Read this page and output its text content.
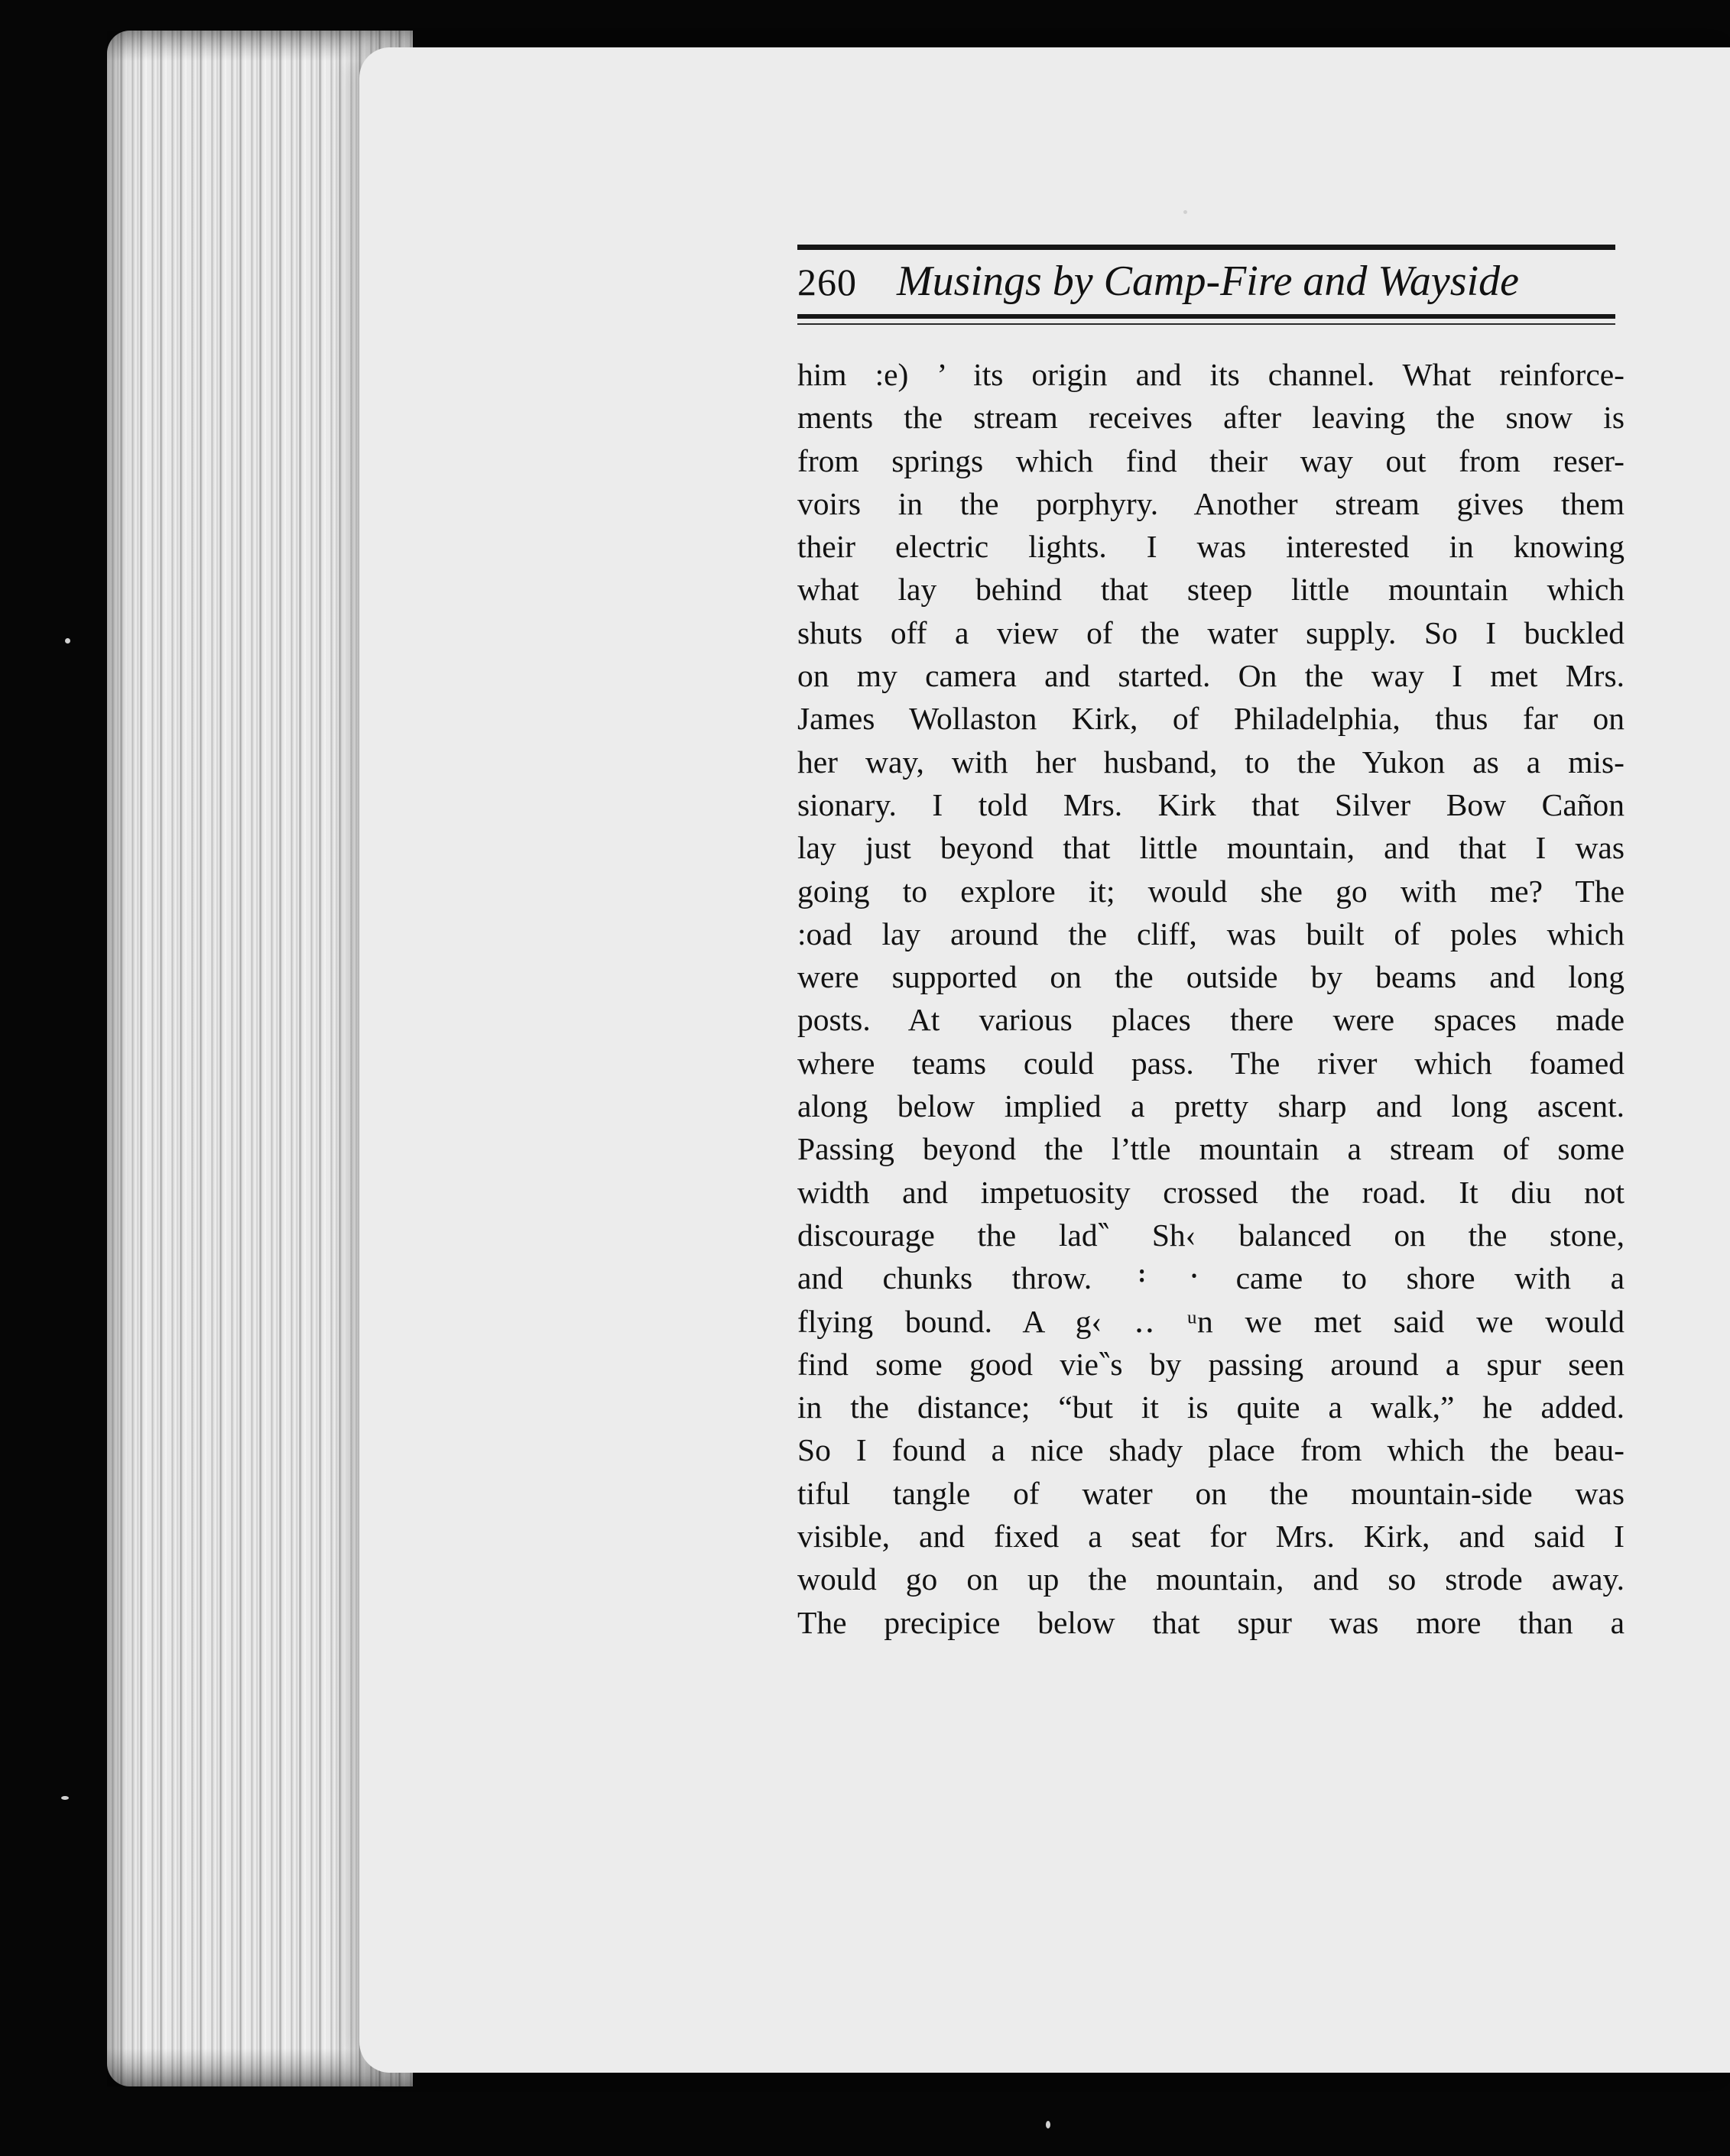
260 Musings by Camp-Fire and Wayside
him :e) ’ its origin and its channel. What reinforce-
ments the stream receives after leaving the snow is
from springs which find their way out from reser-
voirs in the porphyry. Another stream gives them
their electric lights. I was interested in knowing
what lay behind that steep little mountain which
shuts off a view of the water supply. So I buckled
on my camera and started. On the way I met Mrs.
James Wollaston Kirk, of Philadelphia, thus far on
her way, with her husband, to the Yukon as a mis-
sionary. I told Mrs. Kirk that Silver Bow Cañon
lay just beyond that little mountain, and that I was
going to explore it; would she go with me? The
:oad lay around the cliff, was built of poles which
were supported on the outside by beams and long
posts. At various places there were spaces made
where teams could pass. The river which foamed
along below implied a pretty sharp and long ascent.
Passing beyond the l’ttle mountain a stream of some
width and impetuosity crossed the road. It diu not
discourage the lad‶ Sh‹ balanced on the stone,
and chunks throw. ᠄ ᠂ came to shore with a
flying bound. A g‹ ‥ ᵘn we met said we would
find some good vie‶s by passing around a spur seen
in the distance; “but it is quite a walk,” he added.
So I found a nice shady place from which the beau-
tiful tangle of water on the mountain-side was
visible, and fixed a seat for Mrs. Kirk, and said I
would go on up the mountain, and so strode away.
The precipice below that spur was more than a
